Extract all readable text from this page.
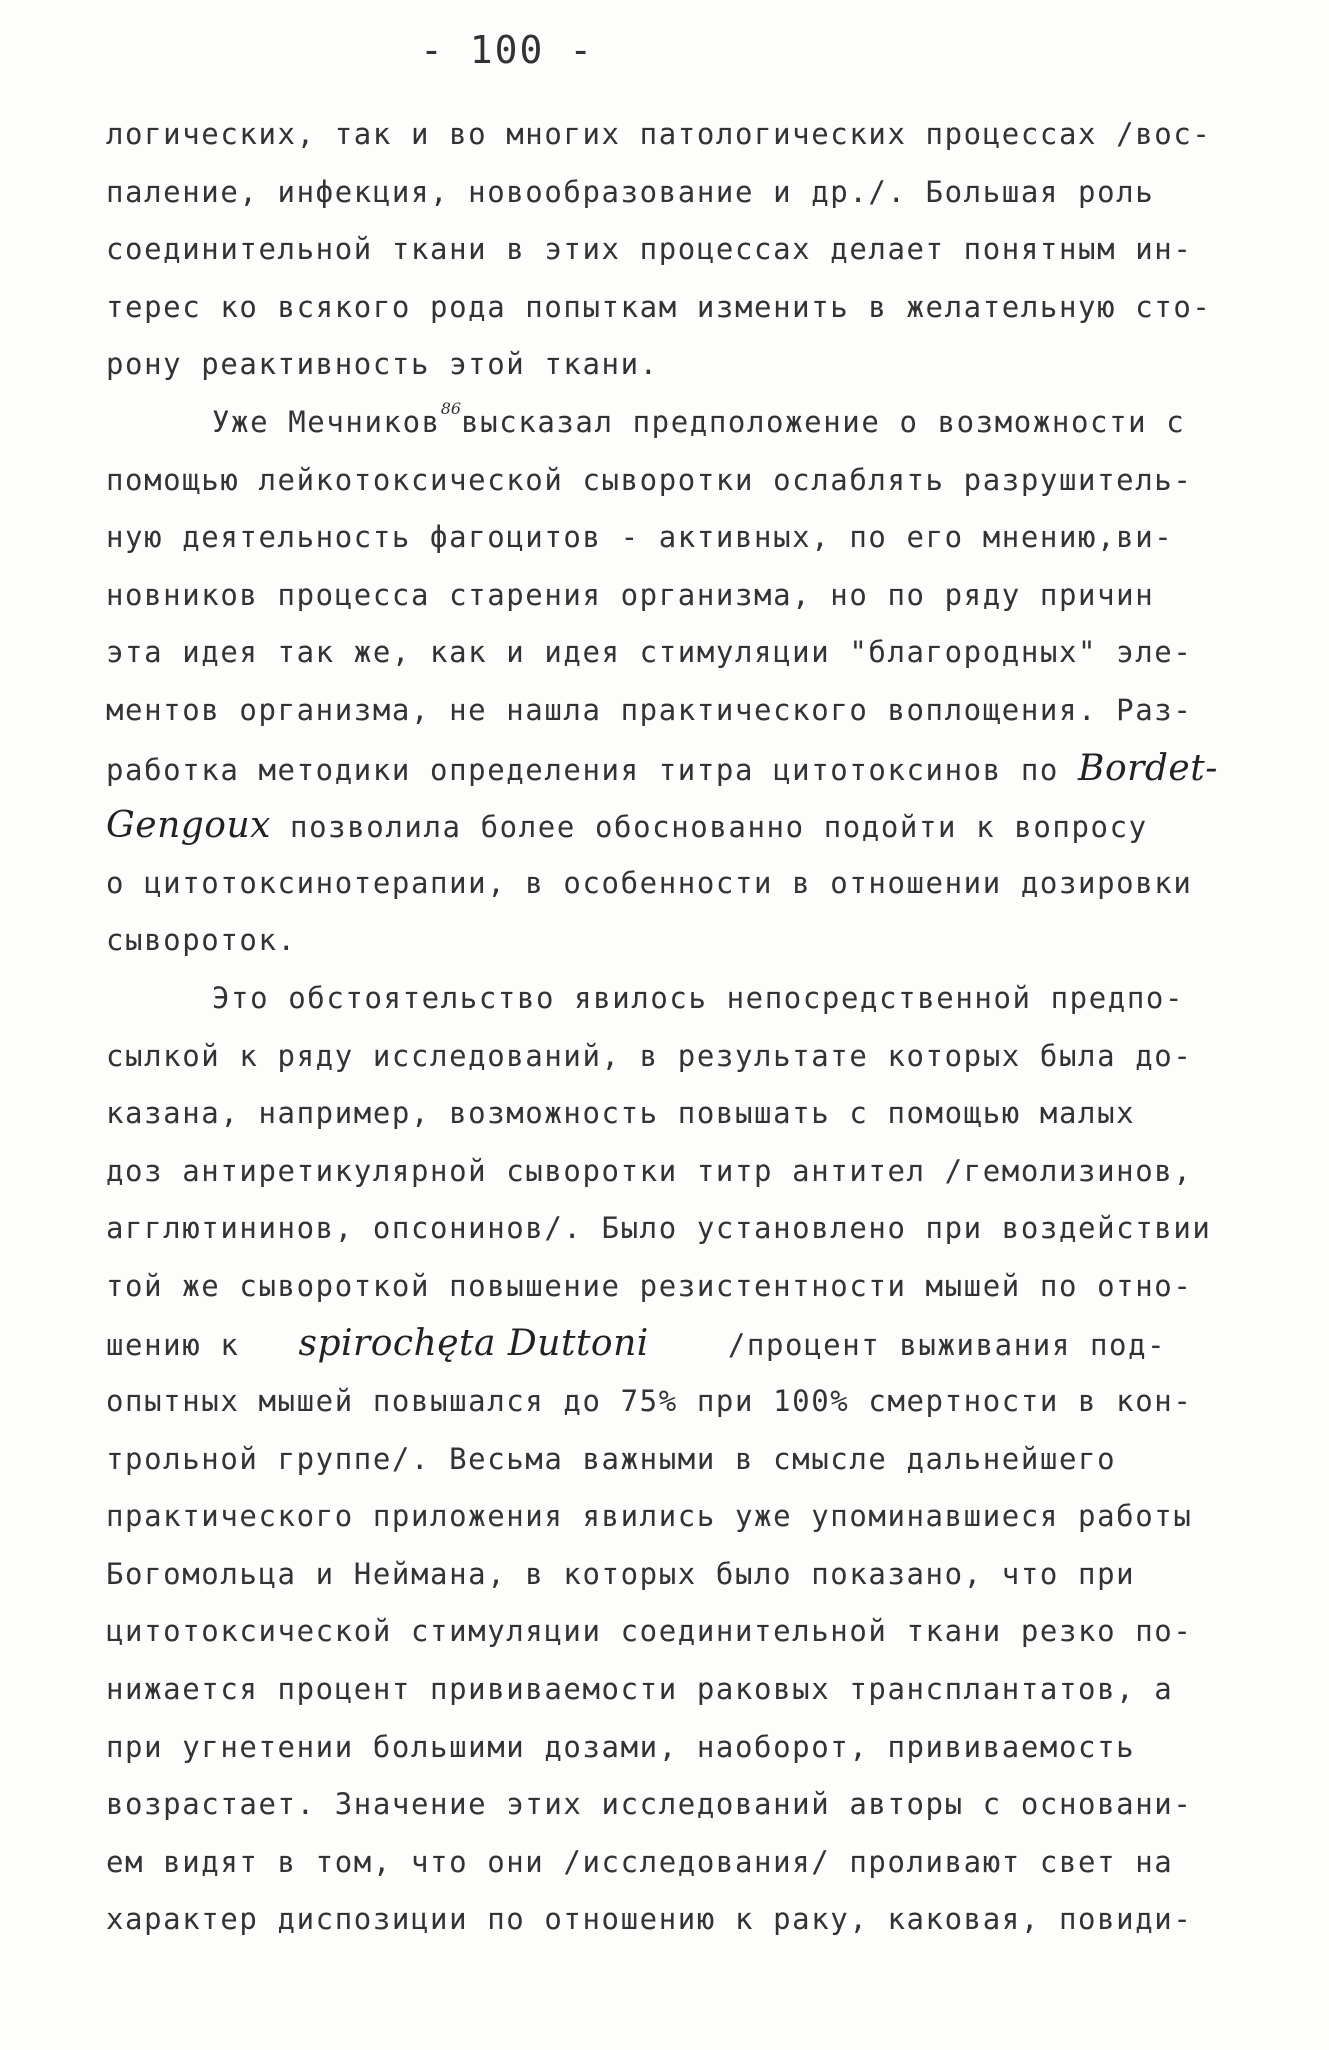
- 100 -
логических, так и во многих патологических процессах /вос-
паление, инфекция, новообразование и др./. Большая роль
соединительной ткани в этих процессах делает понятным ин-
терес ко всякого рода попыткам изменить в желательную сто-
рону реактивность этой ткани.
Уже Мечников$^{86}$высказал предположение о возможности с
помощью лейкотоксической сыворотки ослаблять разрушитель-
ную деятельность фагоцитов - активных, по его мнению,ви-
новников процесса старения организма, но по ряду причин
эта идея так же, как и идея стимуляции "благородных" эле-
ментов организма, не нашла практического воплощения. Раз-
работка методики определения титра цитотоксинов по Bordet-
Gengoux позволила более обоснованно подойти к вопросу
о цитотоксинотерапии, в особенности в отношении дозировки
сывороток.
Это обстоятельство явилось непосредственной предпо-
сылкой к ряду исследований, в результате которых была до-
казана, например, возможность повышать с помощью малых
доз антиретикулярной сыворотки титр антител /гемолизинов,
агглютининов, опсонинов/. Было установлено при воздействии
той же сывороткой повышение резистентности мышей по отно-
шению к spirochęta Duttoni /процент выживания под-
опытных мышей повышался до 75% при 100% смертности в кон-
трольной группе/. Весьма важными в смысле дальнейшего
практического приложения явились уже упоминавшиеся работы
Богомольца и Неймана, в которых было показано, что при
цитотоксической стимуляции соединительной ткани резко по-
нижается процент прививаемости раковых трансплантатов, а
при угнетении большими дозами, наоборот, прививаемость
возрастает. Значение этих исследований авторы с основани-
ем видят в том, что они /исследования/ проливают свет на
характер диспозиции по отношению к раку, каковая, повиди-
